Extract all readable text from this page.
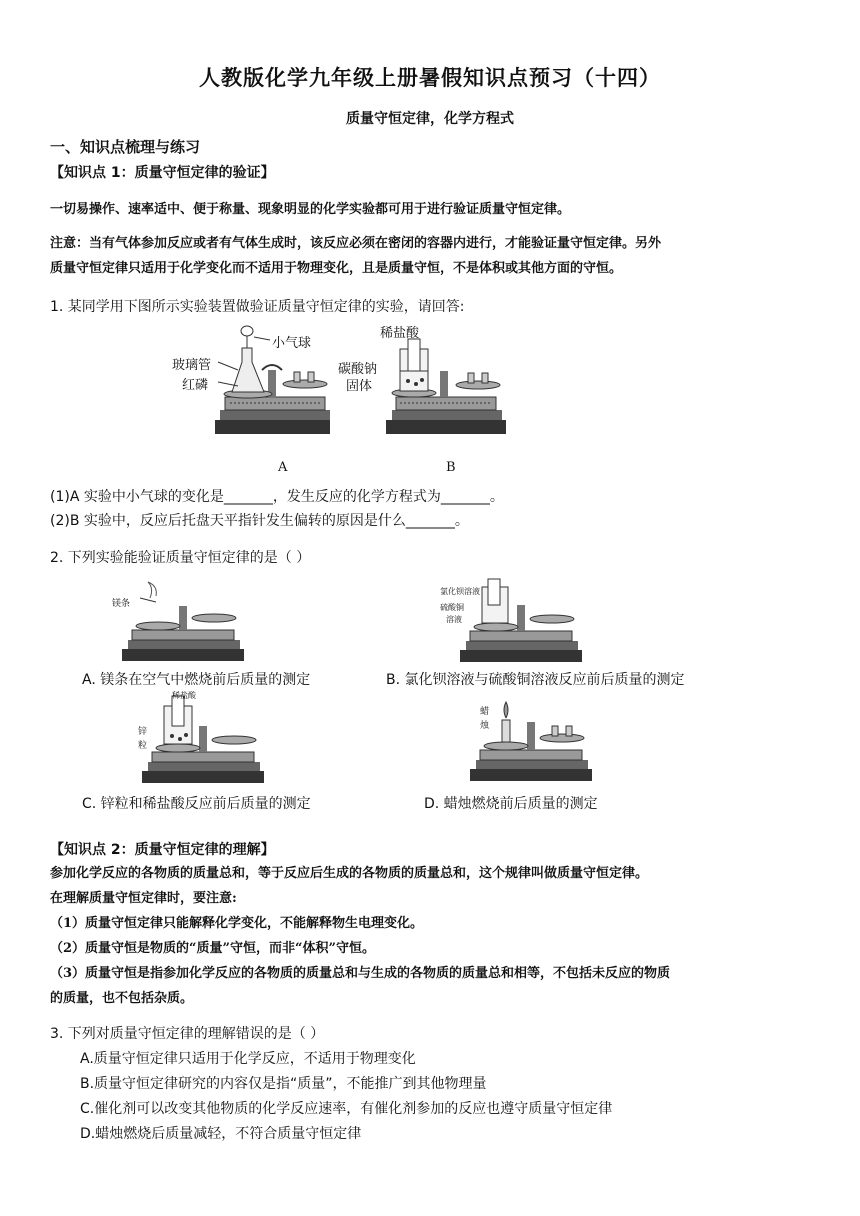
人教版化学九年级上册暑假知识点预习（十四）
质量守恒定律，化学方程式
一、知识点梳理与练习
【知识点 1：质量守恒定律的验证】
一切易操作、速率适中、便于称量、现象明显的化学实验都可用于进行验证质量守恒定律。
注意：当有气体参加反应或者有气体生成时，该反应必须在密闭的容器内进行，才能验证量守恒定律。另外
质量守恒定律只适用于化学变化而不适用于物理变化，且是质量守恒，不是体积或其他方面的守恒。
1. 某同学用下图所示实验装置做验证质量守恒定律的实验，请回答:
小气球
玻璃管
红磷
稀盐酸
碳酸钠
固体
A	B
(1)A 实验中小气球的变化是_______，发生反应的化学方程式为_______。
(2)B 实验中，反应后托盘天平指针发生偏转的原因是什么_______。
2. 下列实验能验证质量守恒定律的是（ ）
镁条
氯化钡溶液
硫酸铜
溶液
A. 镁条在空气中燃烧前后质量的测定	B. 氯化钡溶液与硫酸铜溶液反应前后质量的测定
稀盐酸
锌
粒
蜡
烛
C. 锌粒和稀盐酸反应前后质量的测定	D. 蜡烛燃烧前后质量的测定
【知识点 2：质量守恒定律的理解】
参加化学反应的各物质的质量总和，等于反应后生成的各物质的质量总和，这个规律叫做质量守恒定律。
在理解质量守恒定律时，要注意:
（1）质量守恒定律只能解释化学变化，不能解释物生电理变化。
（2）质量守恒是物质的“质量”守恒，而非“体积”守恒。
（3）质量守恒是指参加化学反应的各物质的质量总和与生成的各物质的质量总和相等，不包括未反应的物质
的质量，也不包括杂质。
3. 下列对质量守恒定律的理解错误的是（ ）
A.质量守恒定律只适用于化学反应，不适用于物理变化
B.质量守恒定律研究的内容仅是指“质量”，不能推广到其他物理量
C.催化剂可以改变其他物质的化学反应速率，有催化剂参加的反应也遵守质量守恒定律
D.蜡烛燃烧后质量减轻，不符合质量守恒定律
